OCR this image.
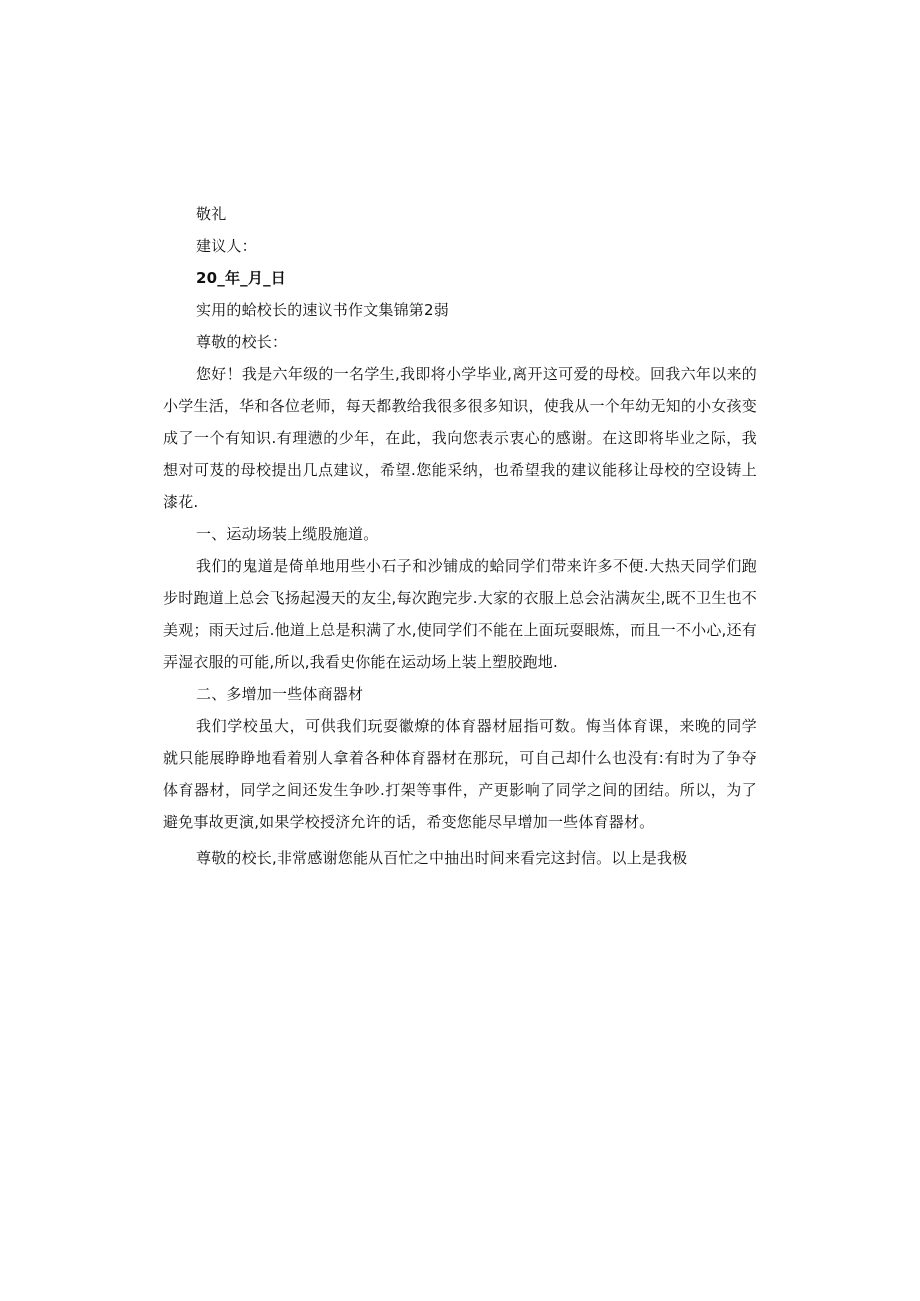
敬礼

建议人：

20_年_月_日

实用的蛤校长的速议书作文集锦第2弱

尊敬的校长：

您好！我是六年级的一名学生,我即将小学毕业,离开这可爱的母校。回我六年以来的小学生活，华和各位老师，每天都教给我很多很多知识，使我从一个年幼无知的小女孩变成了一个有知识.有理懑的少年，在此，我向您表示衷心的感谢。在这即将毕业之际，我想对可芨的母校提出几点建议，希望.您能采纳，也希望我的建议能移让母校的空设铸上漆花.

一、运动场装上缆股施道。

我们的鬼道是倚单地用些小石子和沙铺成的蛤同学们带来许多不便.大热天同学们跑步时跑道上总会飞扬起漫天的友尘,每次跑完步.大家的衣服上总会沾满灰尘,既不卫生也不美观；雨天过后.他道上总是积满了水,使同学们不能在上面玩耍眼炼，而且一不小心,还有弄湿衣服的可能,所以,我看史你能在运动场上装上塑胶跑地.

二、多增加一些体商器材

我们学校虽大，可供我们玩耍徽燎的体育器材屈指可数。悔当体育课，来晚的同学就只能展睁睁地看着别人拿着各种体育器材在那玩，可自己却什么也没有:有时为了争夺体育器材，同学之间还发生争吵.打架等事件，产更影响了同学之间的团结。所以，为了避免事故更演,如果学校授济允许的话，希变您能尽早增加一些体育器材。

尊敬的校长,非常感谢您能从百忙之中抽出时间来看完这封信。以上是我极
